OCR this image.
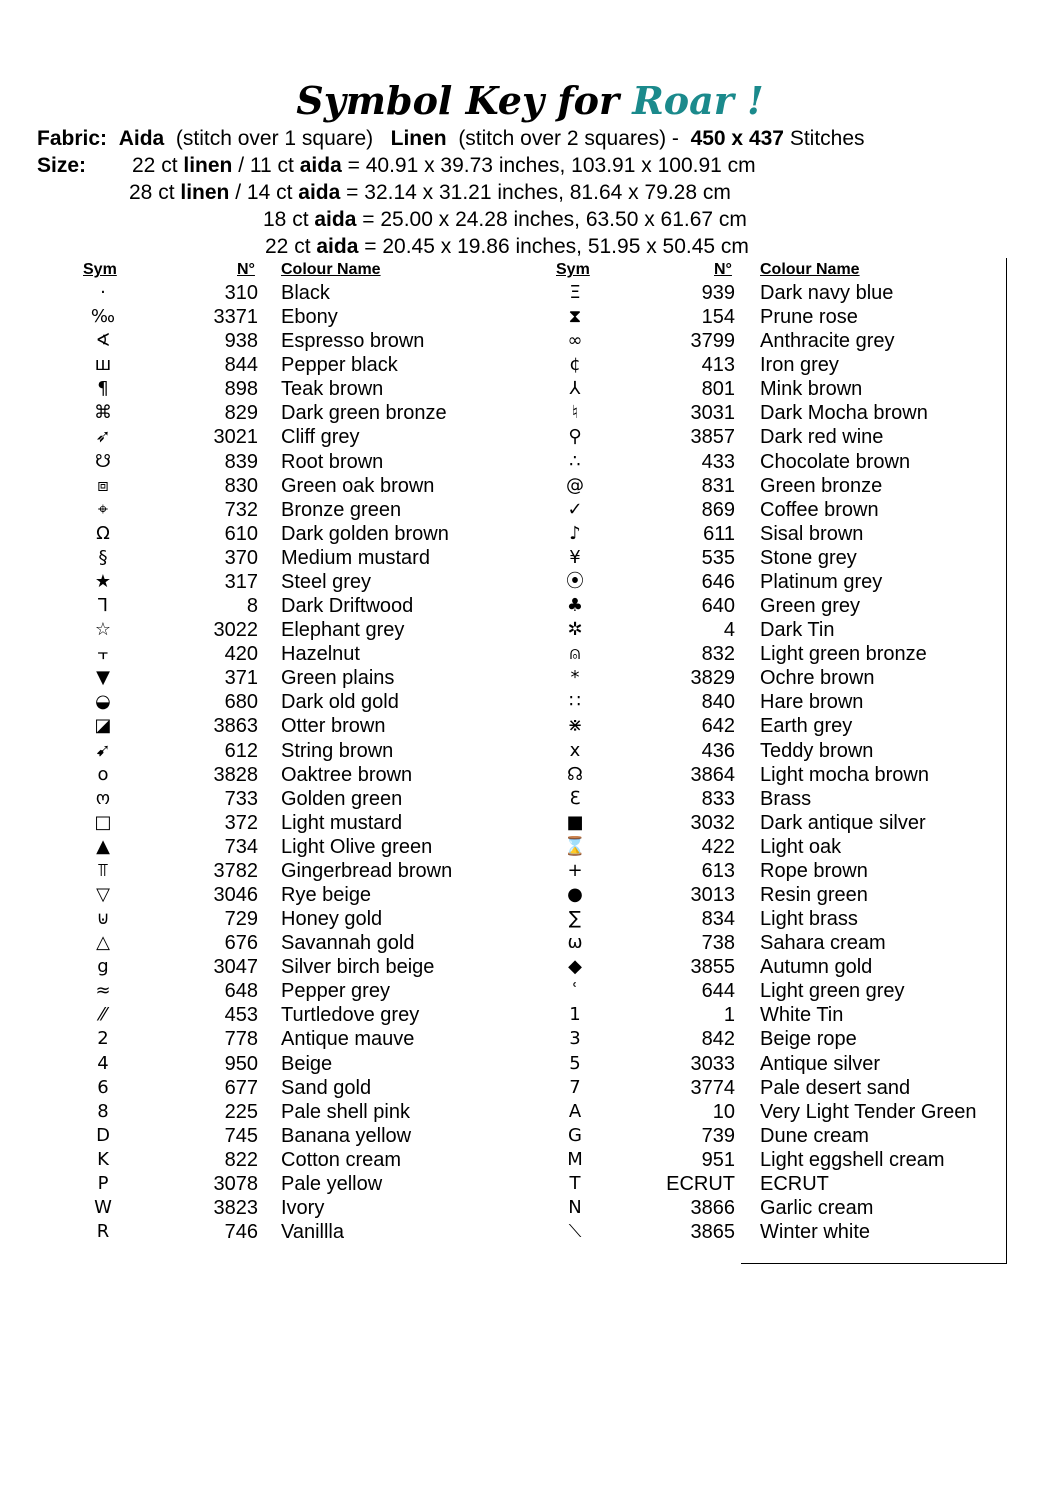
Symbol Key for Roar !
Fabric: Aida (stitch over 1 square) Linen (stitch over 2 squares) - 450 x 437 Stitches
Size: 22 ct linen / 11 ct aida = 40.91 x 39.73 inches, 103.91 x 100.91 cm
28 ct linen / 14 ct aida = 32.14 x 31.21 inches, 81.64 x 79.28 cm
18 ct aida = 25.00 x 24.28 inches, 63.50 x 61.67 cm
22 ct aida = 20.45 x 19.86 inches, 51.95 x 50.45 cm
Sym	N° Colour Name	Sym	N° Colour Name
·	310 Black
‰	3371 Ebony
∢	938 Espresso brown
ш	844 Pepper black
¶	898 Teak brown
⌘	829 Dark green bronze
➶	3021 Cliff grey
☋	839 Root brown
⧈	830 Green oak brown
⌖	732 Bronze green
Ω	610 Dark golden brown
§	370 Medium mustard
★	317 Steel grey
⅂	8 Dark Driftwood
☆	3022 Elephant grey
⫟	420 Hazelnut
▼	371 Green plains
◒	680 Dark old gold
◪	3863 Otter brown
➹	612 String brown
o	3828 Oaktree brown
ო	733 Golden green
□	372 Light mustard
▲	734 Light Olive green
⫪	3782 Gingerbread brown
▽	3046 Rye beige
⊍	729 Honey gold
△	676 Savannah gold
g	3047 Silver birch beige
≈	648 Pepper grey
⁄⁄	453 Turtledove grey
2	778 Antique mauve
4	950 Beige
6	677 Sand gold
8	225 Pale shell pink
D	745 Banana yellow
K	822 Cotton cream
P	3078 Pale yellow
W	3823 Ivory
R	746 Vanillla
Ξ	939 Dark navy blue
⧗	154 Prune rose
∞	3799 Anthracite grey
¢	413 Iron grey
⅄	801 Mink brown
♮	3031 Dark Mocha brown
⚲	3857 Dark red wine
∴	433 Chocolate brown
@	831 Green bronze
✓	869 Coffee brown
♪	611 Sisal brown
¥	535 Stone grey
⦿	646 Platinum grey
♣	640 Green grey
✲	4 Dark Tin
⍝	832 Light green bronze
*	3829 Ochre brown
∷	840 Hare brown
⋇	642 Earth grey
x	436 Teddy brown
☊	3864 Light mocha brown
ℇ	833 Brass
■	3032 Dark antique silver
⌛	422 Light oak
+	613 Rope brown
●	3013 Resin green
∑	834 Light brass
ω	738 Sahara cream
◆	3855 Autumn gold
ʿ	644 Light green grey
1	1 White Tin
3	842 Beige rope
5	3033 Antique silver
7	3774 Pale desert sand
A	10 Very Light Tender Green
G	739 Dune cream
M	951 Light eggshell cream
T	ECRUT ECRUT
N	3866 Garlic cream
⟍	3865 Winter white
